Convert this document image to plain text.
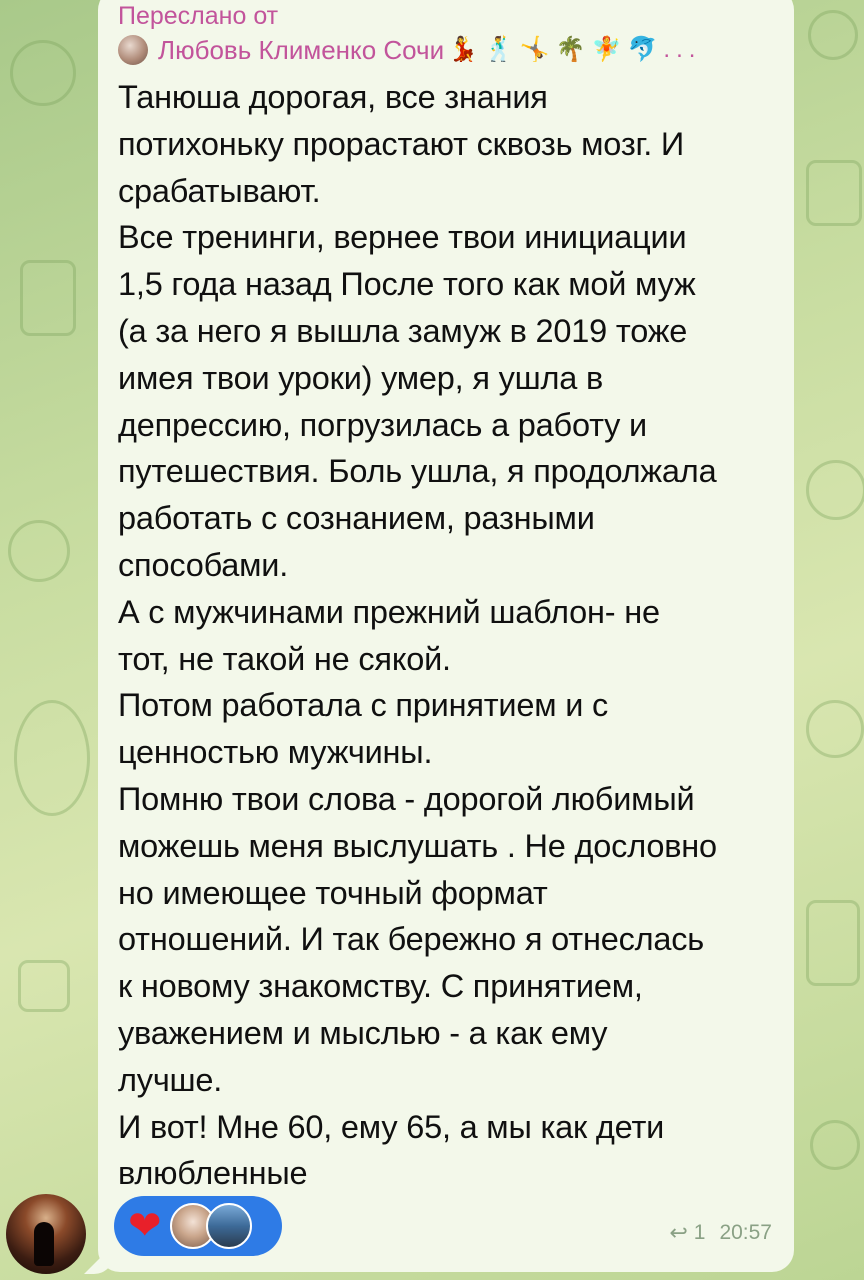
Переслано от
Любовь Клименко Сочи 💃🕺🤸🌴🧚🐬...
Танюша дорогая, все знания
потихоньку прорастают сквозь мозг. И
срабатывают.
Все тренинги, вернее твои инициации
1,5 года назад После того как мой муж
(а за него я вышла замуж в 2019 тоже
имея твои уроки) умер, я ушла в
депрессию, погрузилась а работу и
путешествия. Боль ушла, я продолжала
работать с сознанием, разными
способами.
А с мужчинами прежний шаблон- не
тот, не такой не сякой.
Потом работала с принятием и с
ценностью мужчины.
Помню твои слова - дорогой любимый
можешь меня выслушать . Не дословно
но имеющее точный формат
отношений. И так бережно я отнеслась
к новому знакомству. С принятием,
уважением и мыслью - а как ему
лучше.
И вот! Мне 60, ему 65, а мы как дети
влюбленные
❤	↩ 1 20:57
